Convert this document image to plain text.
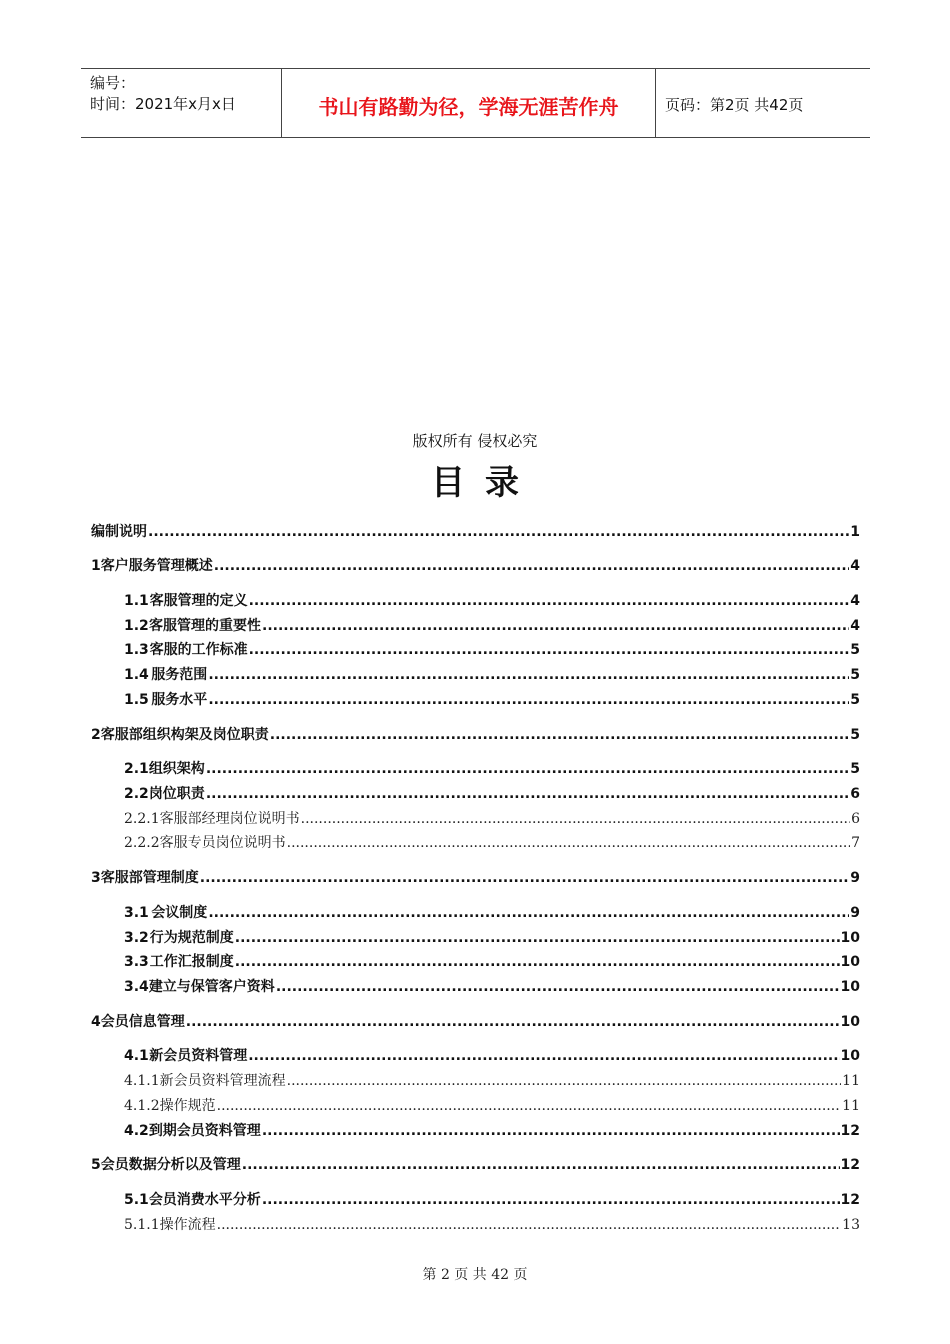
编号：
时间：2021年x月x日	书山有路勤为径，学海无涯苦作舟	页码：第2页 共42页
版权所有 侵权必究
目录
编制说明 .....	1
1 客户服务管理概述 .....	4
1.1 客服管理的定义 .....	4
1.2 客服管理的重要性 .....	4
1.3 客服的工作标准 .....	5
1.4 服务范围 .....	5
1.5 服务水平 .....	5
2 客服部组织构架及岗位职责 .....	5
2.1 组织架构 .....	5
2.2 岗位职责 .....	6
2.2.1 客服部经理岗位说明书 .....	6
2.2.2 客服专员岗位说明书 .....	7
3 客服部管理制度 .....	9
3.1 会议制度 .....	9
3.2 行为规范制度 .....	10
3.3 工作汇报制度 .....	10
3.4 建立与保管客户资料 .....	10
4 会员信息管理 .....	10
4.1 新会员资料管理 .....	10
4.1.1 新会员资料管理流程 .....	11
4.1.2 操作规范 .....	11
4.2 到期会员资料管理 .....	12
5 会员数据分析以及管理 .....	12
5.1 会员消费水平分析 .....	12
5.1.1 操作流程 .....	13
第 2 页 共 42 页
